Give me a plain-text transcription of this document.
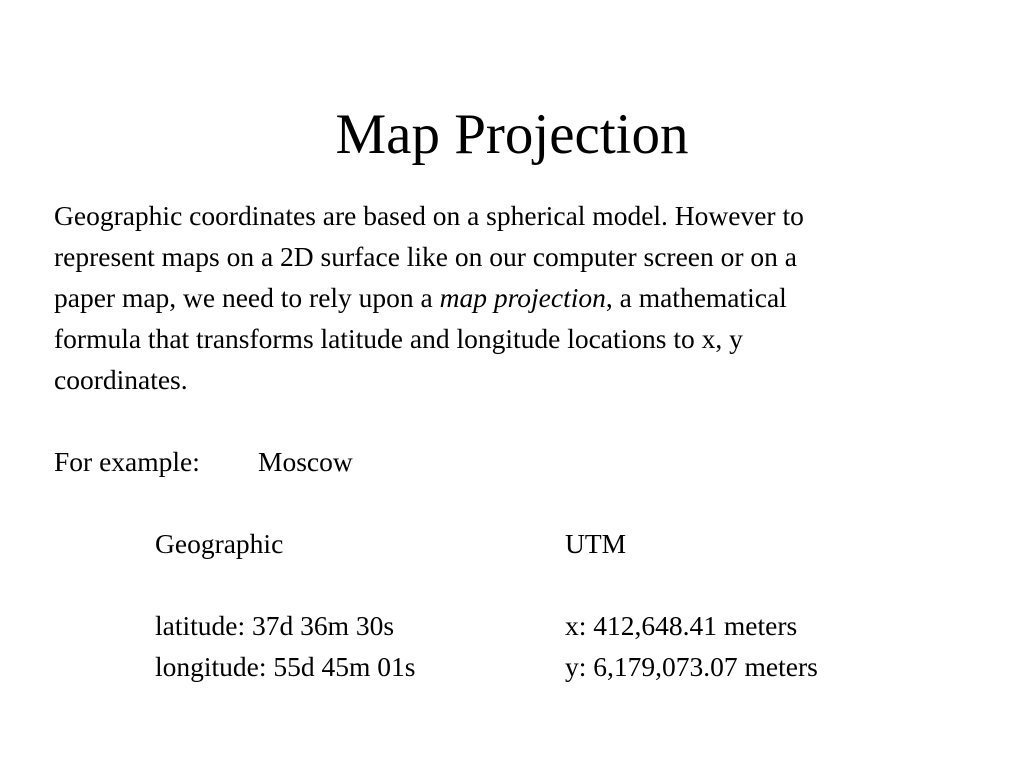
Map Projection
Geographic coordinates are based on a spherical model. However to
represent maps on a 2D surface like on our computer screen or on a
paper map, we need to rely upon a map projection, a mathematical
formula that transforms latitude and longitude locations to x, y
coordinates.
For example: Moscow
Geographic	UTM
latitude: 37d 36m 30s	x: 412,648.41 meters
longitude: 55d 45m 01s	y: 6,179,073.07 meters
